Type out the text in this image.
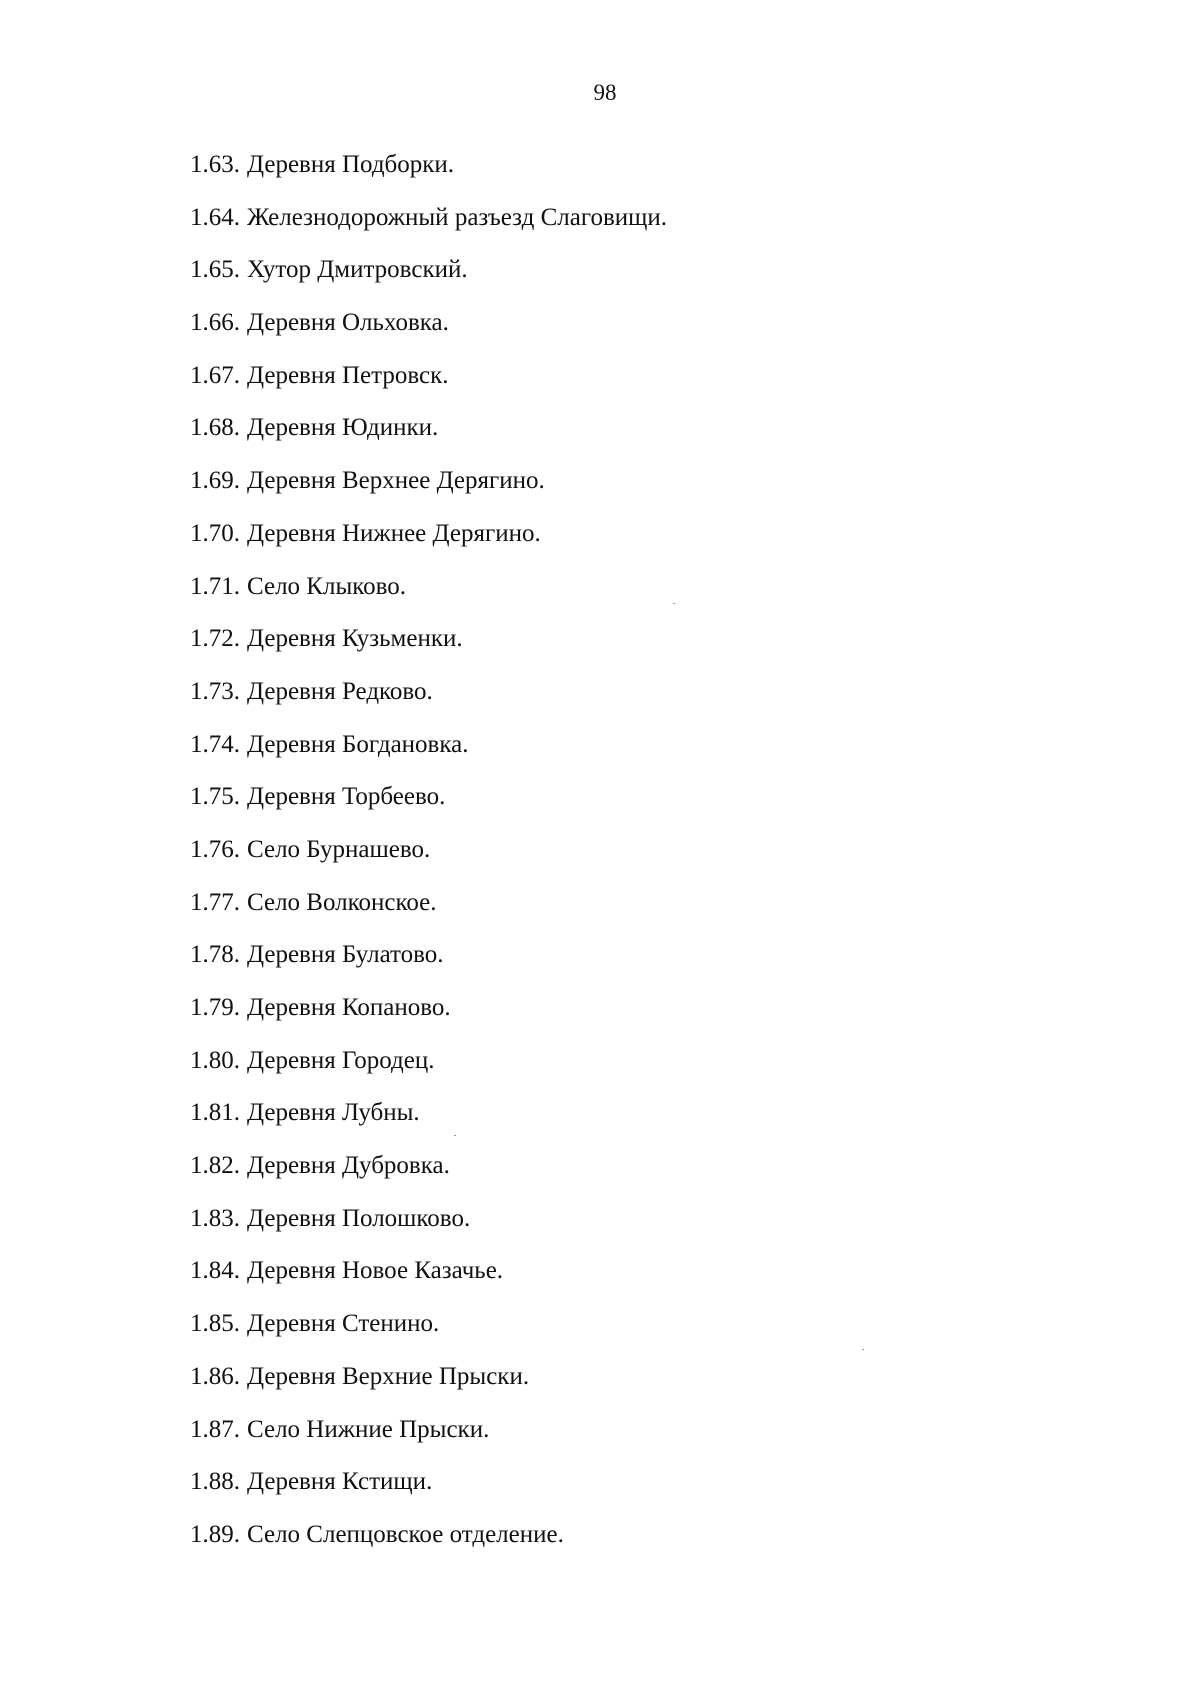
98
1.63. Деревня Подборки.
1.64. Железнодорожный разъезд Слаговищи.
1.65. Хутор Дмитровский.
1.66. Деревня Ольховка.
1.67. Деревня Петровск.
1.68. Деревня Юдинки.
1.69. Деревня Верхнее Дерягино.
1.70. Деревня Нижнее Дерягино.
1.71. Село Клыково.
1.72. Деревня Кузьменки.
1.73. Деревня Редково.
1.74. Деревня Богдановка.
1.75. Деревня Торбеево.
1.76. Село Бурнашево.
1.77. Село Волконское.
1.78. Деревня Булатово.
1.79. Деревня Копаново.
1.80. Деревня Городец.
1.81. Деревня Лубны.
1.82. Деревня Дубровка.
1.83. Деревня Полошково.
1.84. Деревня Новое Казачье.
1.85. Деревня Стенино.
1.86. Деревня Верхние Прыски.
1.87. Село Нижние Прыски.
1.88. Деревня Кстищи.
1.89. Село Слепцовское отделение.
